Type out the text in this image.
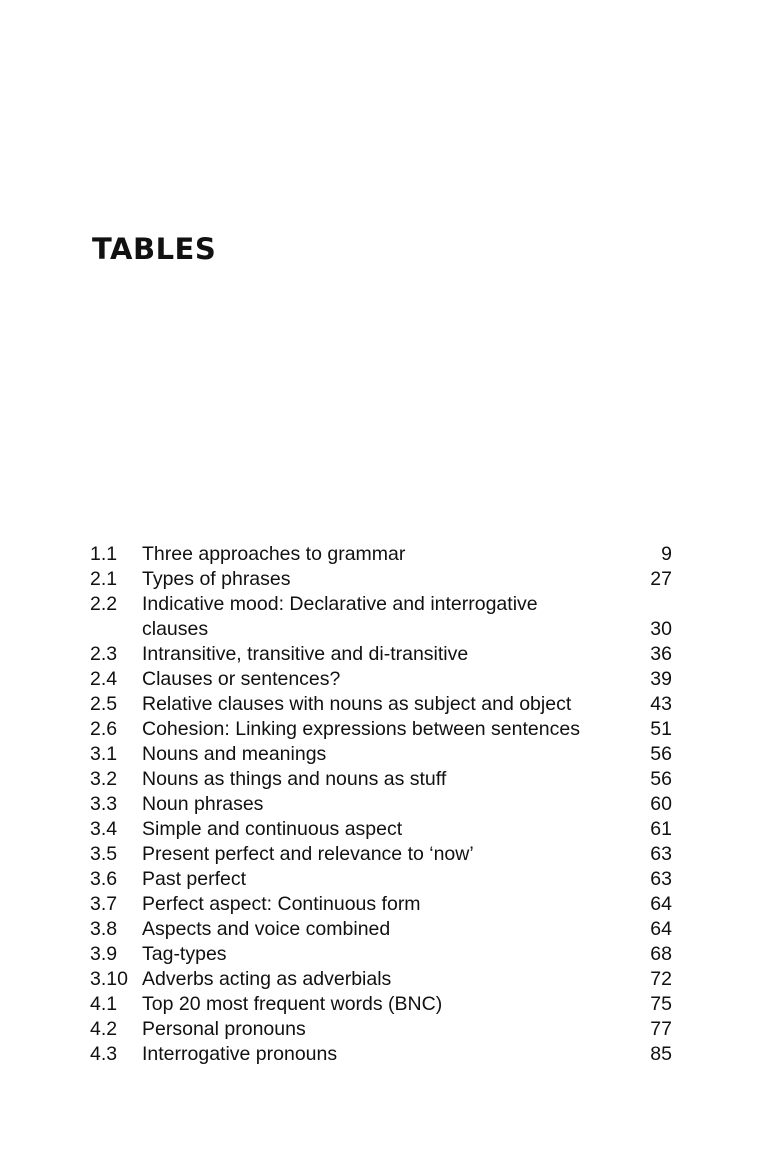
TABLES
1.1	Three approaches to grammar	9
2.1	Types of phrases	27
2.2	Indicative mood: Declarative and interrogative clauses	30
2.3	Intransitive, transitive and di-transitive	36
2.4	Clauses or sentences?	39
2.5	Relative clauses with nouns as subject and object	43
2.6	Cohesion: Linking expressions between sentences	51
3.1	Nouns and meanings	56
3.2	Nouns as things and nouns as stuff	56
3.3	Noun phrases	60
3.4	Simple and continuous aspect	61
3.5	Present perfect and relevance to ‘now’	63
3.6	Past perfect	63
3.7	Perfect aspect: Continuous form	64
3.8	Aspects and voice combined	64
3.9	Tag-types	68
3.10 Adverbs acting as adverbials	72
4.1	Top 20 most frequent words (BNC)	75
4.2	Personal pronouns	77
4.3	Interrogative pronouns	85
